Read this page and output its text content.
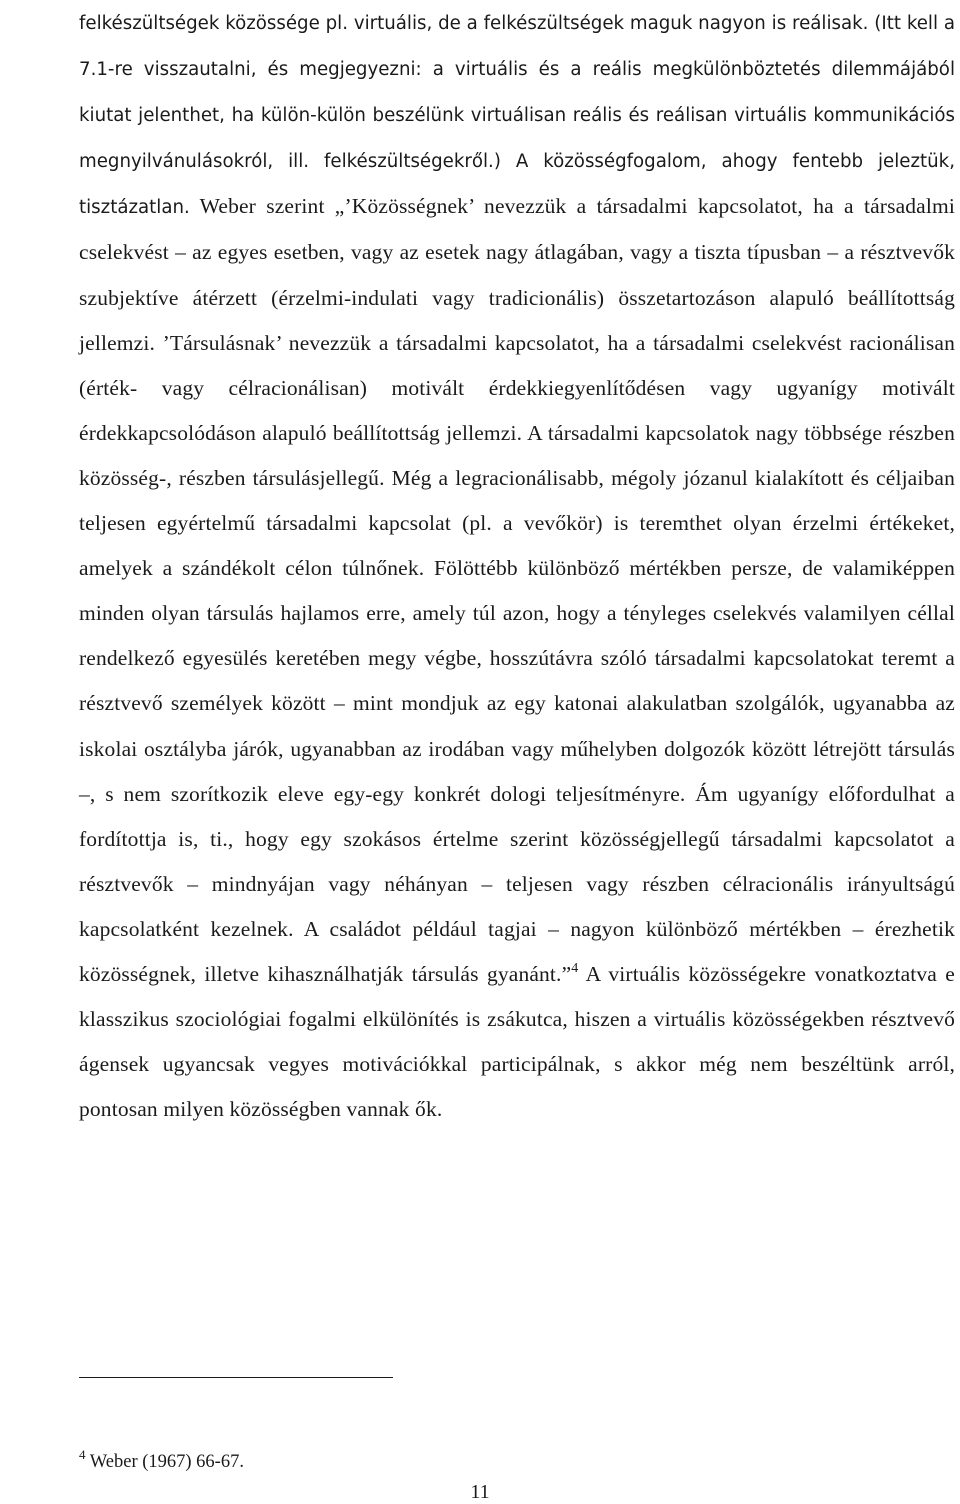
felkészültségek közössége pl. virtuális, de a felkészültségek maguk nagyon is reálisak. (Itt kell a 7.1-re visszautalni, és megjegyezni: a virtuális és a reális megkülönböztetés dilemmájából kiutat jelenthet, ha külön-külön beszélünk virtuálisan reális és reálisan virtuális kommunikációs megnyilvánulásokról, ill. felkészültségekről.) A közösségfogalom, ahogy fentebb jeleztük, tisztázatlan. Weber szerint „’Közösségnek’ nevezzük a társadalmi kapcsolatot, ha a társadalmi cselekvést – az egyes esetben, vagy az esetek nagy átlagában, vagy a tiszta típusban – a résztvevők szubjektíve átérzett (érzelmi-indulati vagy tradicionális) összetartozáson alapuló beállítottság jellemzi. ’Társulásnak’ nevezzük a társadalmi kapcsolatot, ha a társadalmi cselekvést racionálisan (érték- vagy célracionálisan) motivált érdekkiegyenlítődésen vagy ugyanígy motivált érdekkapcsolódáson alapuló beállítottság jellemzi. A társadalmi kapcsolatok nagy többsége részben közösség-, részben társulásjellegű. Még a legracionálisabb, mégoly józanul kialakított és céljaiban teljesen egyértelmű társadalmi kapcsolat (pl. a vevőkör) is teremthet olyan érzelmi értékeket, amelyek a szándékolt célon túlnőnek. Fölöttébb különböző mértékben persze, de valamiképpen minden olyan társulás hajlamos erre, amely túl azon, hogy a tényleges cselekvés valamilyen céllal rendelkező egyesülés keretében megy végbe, hosszútávra szóló társadalmi kapcsolatokat teremt a résztvevő személyek között – mint mondjuk az egy katonai alakulatban szolgálók, ugyanabba az iskolai osztályba járók, ugyanabban az irodában vagy műhelyben dolgozók között létrejött társulás –, s nem szorítkozik eleve egy-egy konkrét dologi teljesítményre. Ám ugyanígy előfordulhat a fordítottja is, ti., hogy egy szokásos értelme szerint közösségjellegű társadalmi kapcsolatot a résztvevők – mindnyájan vagy néhányan – teljesen vagy részben célracionális irányultságú kapcsolatként kezelnek. A családot például tagjai – nagyon különböző mértékben – érezhetik közösségnek, illetve kihasználhatják társulás gyanánt.”$^4$ A virtuális közösségekre vonatkoztatva e klasszikus szociológiai fogalmi elkülönítés is zsákutca, hiszen a virtuális közösségekben résztvevő ágensek ugyancsak vegyes motivációkkal participálnak, s akkor még nem beszéltünk arról, pontosan milyen közösségben vannak ők.

$^4$ Weber (1967) 66-67.
11
